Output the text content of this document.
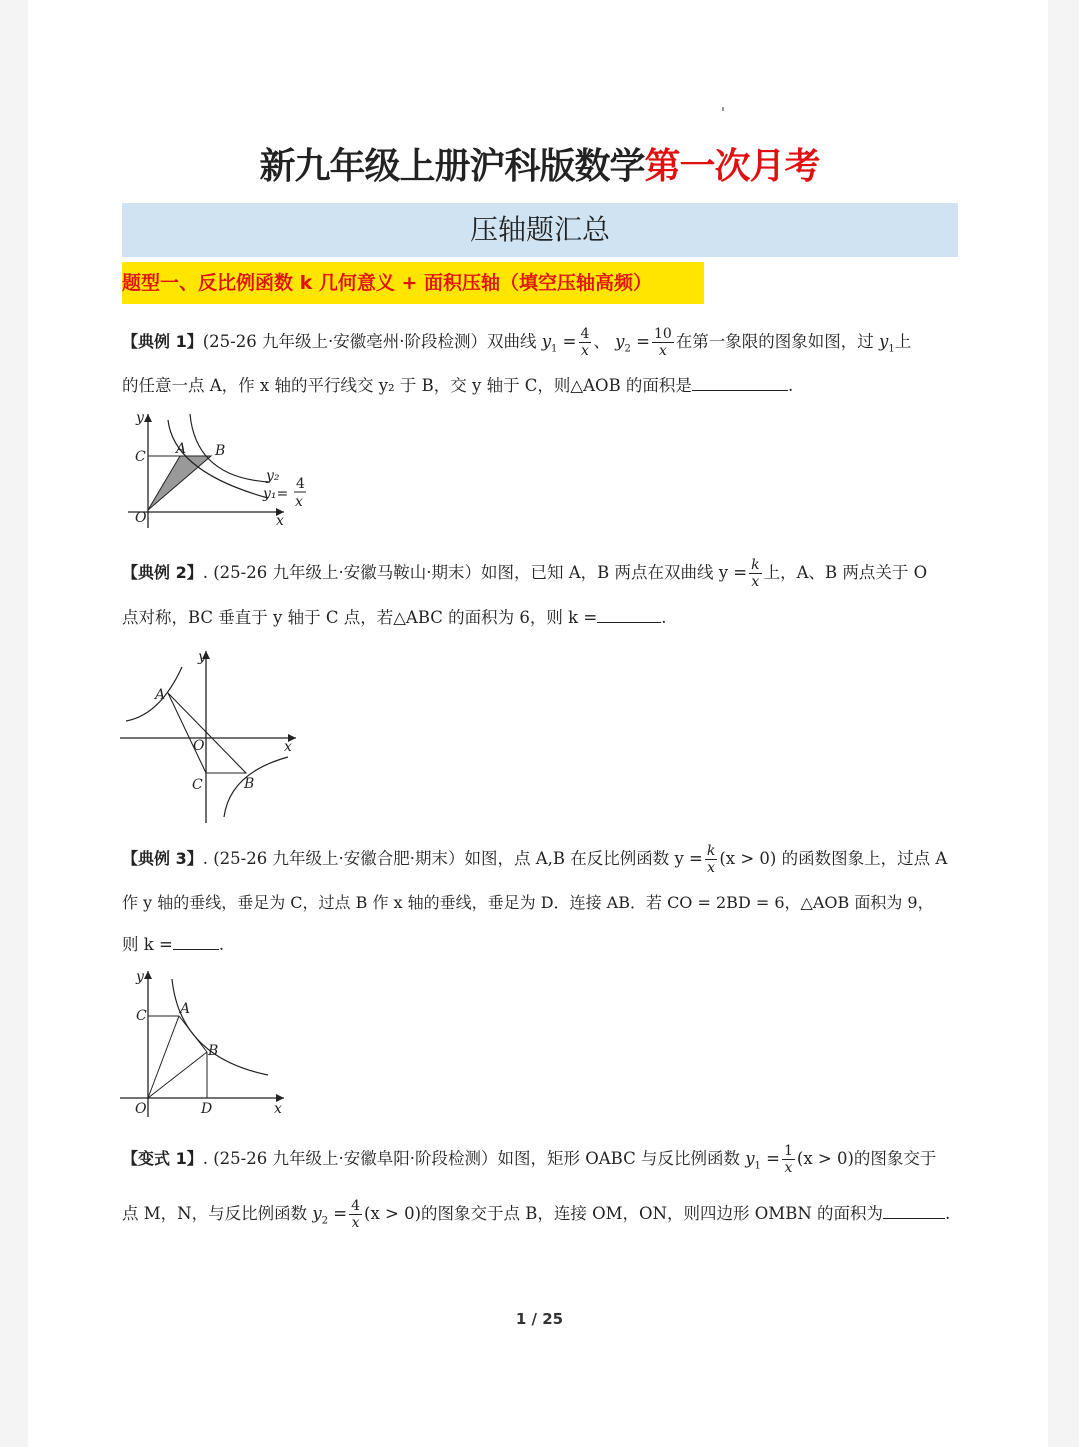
新九年级上册沪科版数学第一次月考
压轴题汇总
题型一、反比例函数 k 几何意义 + 面积压轴（填空压轴高频）
【典例 1】(25-26 九年级上·安徽亳州·阶段检测）双曲线 $y_1 = \frac{4}{x}$ 、 $y_2 = \frac{10}{x}$ 在第一象限的图象如图，过 $y_1$上
的任意一点 A，作 x 轴的平行线交 y₂ 于 B，交 y 轴于 C，则△AOB 的面积是	.
y
x
O
C A B
y₂
y₁=
4
x
【典例 2】. (25-26 九年级上·安徽马鞍山·期末）如图，已知 A，B 两点在双曲线 $y = \frac{k}{x}$ 上，A、B 两点关于 O
点对称，BC 垂直于 y 轴于 C 点，若△ABC 的面积为 6，则 k =	.
y
x
O
A
B
C
【典例 3】. (25-26 九年级上·安徽合肥·期末）如图，点 A,B 在反比例函数 $y = \frac{k}{x} (x > 0)$ 的函数图象上，过点 A
作 y 轴的垂线，垂足为 C，过点 B 作 x 轴的垂线，垂足为 D．连接 AB．若 CO = 2BD = 6，△AOB 面积为 9，
则 k =	.
y
x
O
C A
B
D
【变式 1】. (25-26 九年级上·安徽阜阳·阶段检测）如图，矩形 OABC 与反比例函数 $y_1 = \frac{1}{x} (x > 0)$的图象交于
点 M，N，与反比例函数 $y_2 = \frac{4}{x} (x > 0)$的图象交于点 B，连接 OM，ON，则四边形 OMBN 的面积为	.
1 / 25
